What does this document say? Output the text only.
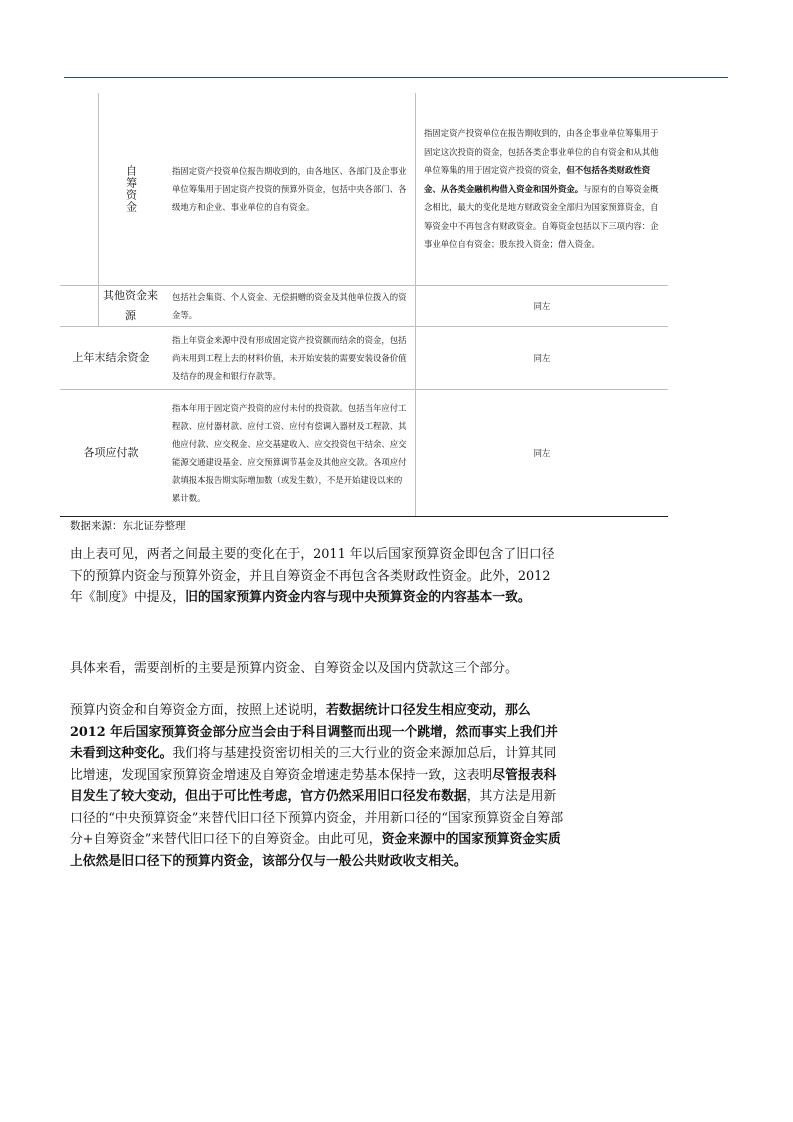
	自筹资金	指固定资产投资单位报告期收到的，由各地区、各部门及企事业单位筹集用于固定资产投资的预算外资金，包括中央各部门、各级地方和企业、事业单位的自有资金。	指固定资产投资单位在报告期收到的，由各企事业单位筹集用于固定这次投资的资金，包括各类企事业单位的自有资金和从其他单位筹集的用于固定资产投资的资金，但不包括各类财政性资金、从各类金融机构借入资金和国外资金。与原有的自筹资金概念相比，最大的变化是地方财政资金全部归为国家预算资金，自筹资金中不再包含有财政资金。自筹资金包括以下三项内容：企事业单位自有资金；股东投入资金；借入资金。

	其他资金来源	包括社会集资、个人资金、无偿捐赠的资金及其他单位拨入的资金等。	同左

上年末结余资金		指上年资金来源中没有形成固定资产投资额而结余的资金，包括尚未用到工程上去的材料价值，未开始安装的需要安装设备价值及结存的现金和银行存款等。	同左

各项应付款		指本年用于固定资产投资的应付未付的投资款。包括当年应付工程款、应付器材款、应付工资、应付有偿调入器材及工程款、其他应付款、应交税金、应交基建收入、应交投资包干结余、应交能源交通建设基金、应交预算调节基金及其他应交款。各项应付款填报本报告期实际增加数（或发生数），不是开始建设以来的累计数。	同左
数据来源：东北证券整理

由上表可见，两者之间最主要的变化在于，2011 年以后国家预算资金即包含了旧口径下的预算内资金与预算外资金，并且自筹资金不再包含各类财政性资金。此外，2012 年《制度》中提及，旧的国家预算内资金内容与现中央预算资金的内容基本一致。

具体来看，需要剖析的主要是预算内资金、自筹资金以及国内贷款这三个部分。

预算内资金和自筹资金方面，按照上述说明，若数据统计口径发生相应变动，那么 2012 年后国家预算资金部分应当会由于科目调整而出现一个跳增，然而事实上我们并未看到这种变化。我们将与基建投资密切相关的三大行业的资金来源加总后，计算其同比增速，发现国家预算资金增速及自筹资金增速走势基本保持一致，这表明尽管报表科目发生了较大变动，但出于可比性考虑，官方仍然采用旧口径发布数据，其方法是用新口径的“中央预算资金”来替代旧口径下预算内资金，并用新口径的“国家预算资金自筹部分+自筹资金”来替代旧口径下的自筹资金。由此可见，资金来源中的国家预算资金实质上依然是旧口径下的预算内资金，该部分仅与一般公共财政收支相关。
